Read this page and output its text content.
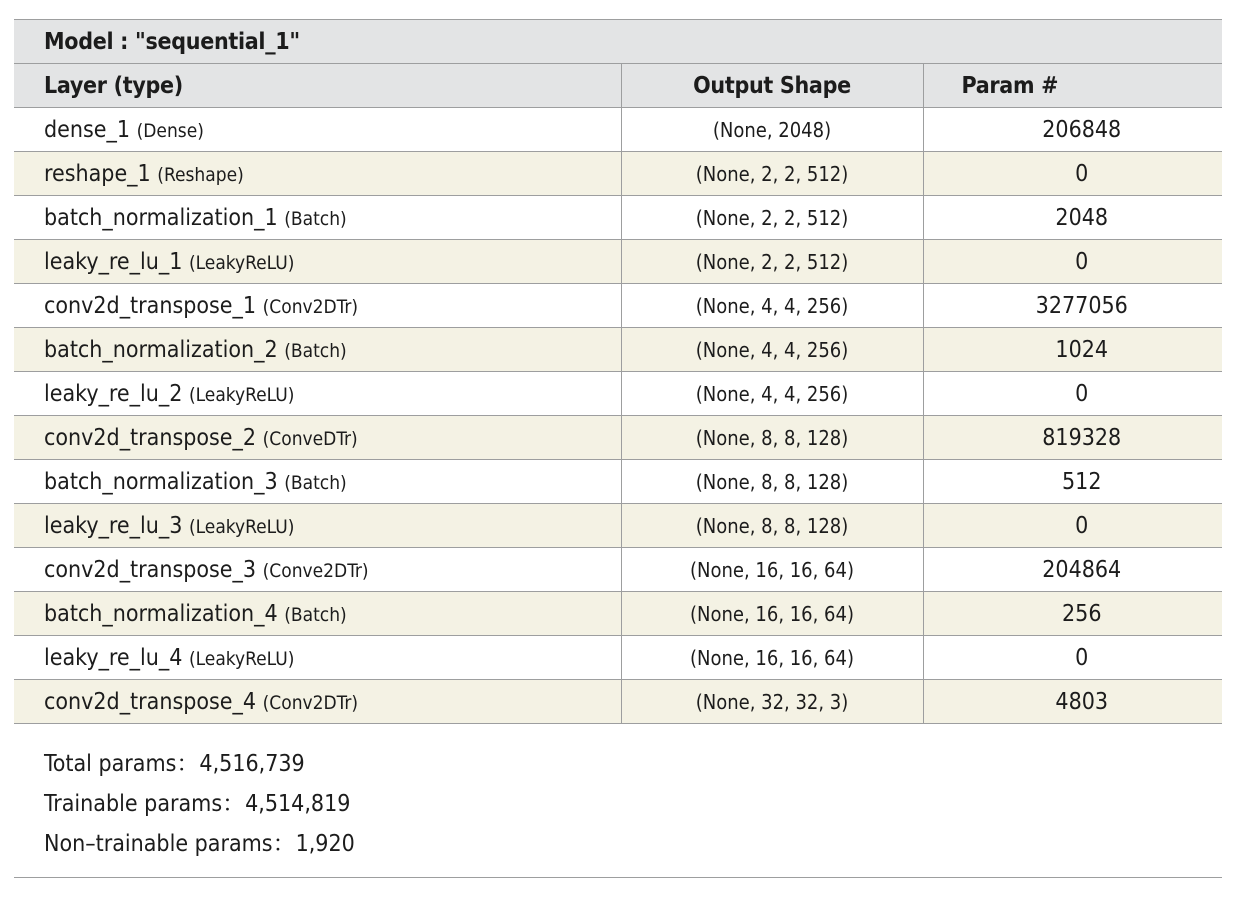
Model : "sequential_1"
Layer (type)	Output Shape	Param #
dense_1 (Dense)	(None, 2048)	206848
reshape_1 (Reshape)	(None, 2, 2, 512)	0
batch_normalization_1 (Batch)	(None, 2, 2, 512)	2048
leaky_re_lu_1 (LeakyReLU)	(None, 2, 2, 512)	0
conv2d_transpose_1 (Conv2DTr)	(None, 4, 4, 256)	3277056
batch_normalization_2 (Batch)	(None, 4, 4, 256)	1024
leaky_re_lu_2 (LeakyReLU)	(None, 4, 4, 256)	0
conv2d_transpose_2 (ConveDTr)	(None, 8, 8, 128)	819328
batch_normalization_3 (Batch)	(None, 8, 8, 128)	512
leaky_re_lu_3 (LeakyReLU)	(None, 8, 8, 128)	0
conv2d_transpose_3 (Conve2DTr)	(None, 16, 16, 64)	204864
batch_normalization_4 (Batch)	(None, 16, 16, 64)	256
leaky_re_lu_4 (LeakyReLU)	(None, 16, 16, 64)	0
conv2d_transpose_4 (Conv2DTr)	(None, 32, 32, 3)	4803
Total params：4,516,739
Trainable params：4,514,819
Non–trainable params：1,920
